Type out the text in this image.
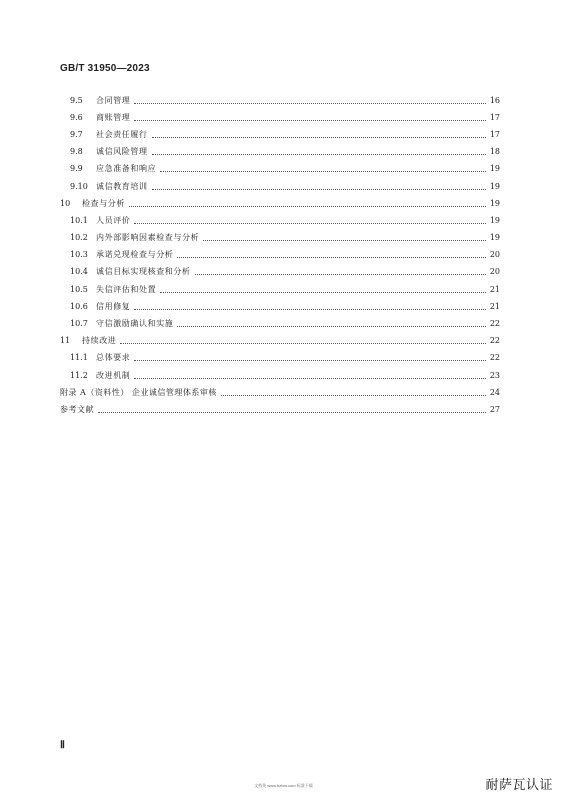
GB/T 31950—2023
9.5	合同管理	16
9.6	商账管理	17
9.7	社会责任履行	17
9.8	诚信风险管理	18
9.9	应急准备和响应	19
9.10	诚信教育培训	19
10	检查与分析	19
10.1	人员评价	19
10.2	内外部影响因素检查与分析	19
10.3	承诺兑现检查与分析	20
10.4	诚信目标实现核查和分析	20
10.5	失信评估和处置	21
10.6	信用修复	21
10.7	守信激励确认和实施	22
11	持续改进	22
11.1	总体要求	22
11.2	改进机制	23
附录 A（资料性） 企业诚信管理体系审核	24
参考文献	27
Ⅱ
文档免 www.bzfxw.com 标准下载	耐萨瓦认证
